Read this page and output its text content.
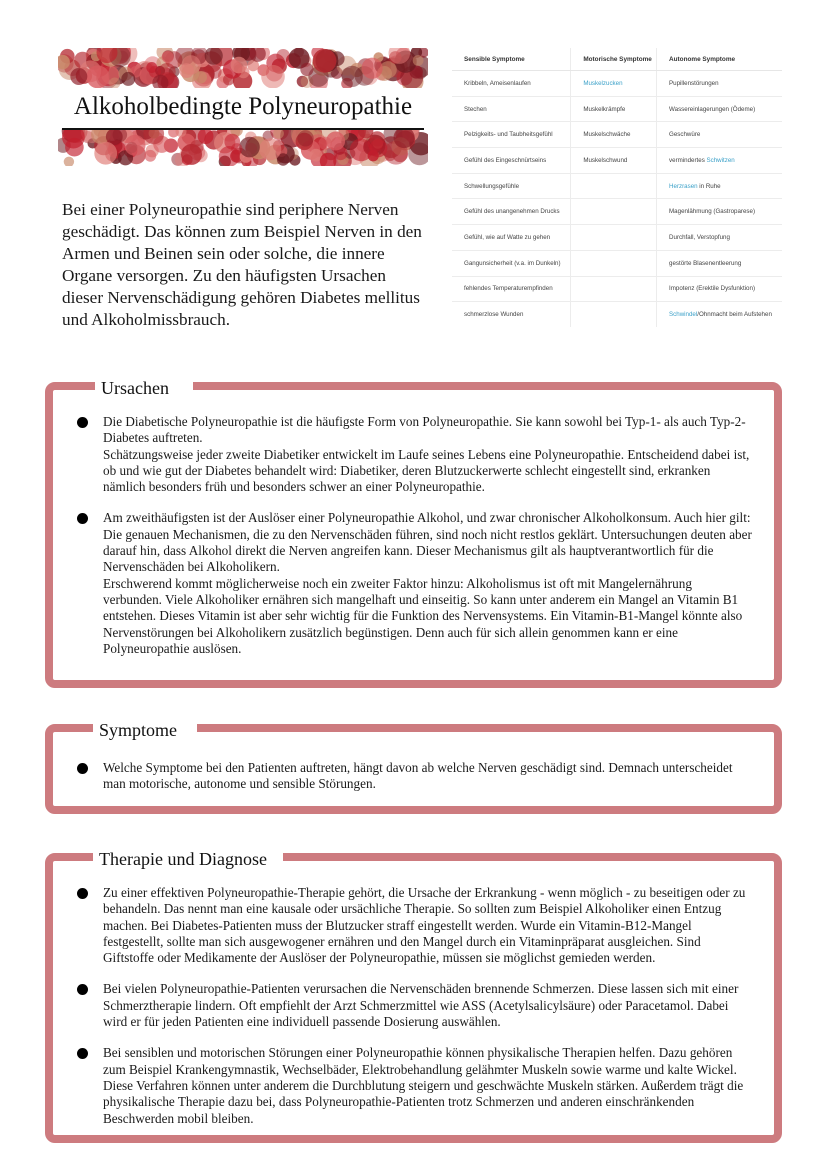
Alkoholbedingte Polyneuropathie
Bei einer Polyneuropathie sind periphere Nerven geschädigt. Das können zum Beispiel Nerven in den Armen und Beinen sein oder solche, die innere Organe versorgen. Zu den häufigsten Ursachen dieser Nervenschädigung gehören Diabetes mellitus und Alkoholmissbrauch.
Sensible Symptome	Motorische Symptome	Autonome Symptome
Kribbeln, Ameisenlaufen	Muskelzucken	Pupillenstörungen
Stechen	Muskelkrämpfe	Wassereinlagerungen (Ödeme)
Pelzigkeits- und Taubheitsgefühl	Muskelschwäche	Geschwüre
Gefühl des Eingeschnürtseins	Muskelschwund	vermindertes Schwitzen
Schwellungsgefühle		Herzrasen in Ruhe
Gefühl des unangenehmen Drucks		Magenlähmung (Gastroparese)
Gefühl, wie auf Watte zu gehen		Durchfall, Verstopfung
Gangunsicherheit (v.a. im Dunkeln)		gestörte Blasenentleerung
fehlendes Temperaturempfinden		Impotenz (Erektile Dysfunktion)
schmerzlose Wunden		Schwindel/Ohnmacht beim Aufstehen
Ursachen

Die Diabetische Polyneuropathie ist die häufigste Form von Polyneuropathie. Sie kann sowohl bei Typ-1- als auch Typ-2-Diabetes auftreten.
Schätzungsweise jeder zweite Diabetiker entwickelt im Laufe seines Lebens eine Polyneuropathie. Entscheidend dabei ist, ob und wie gut der Diabetes behandelt wird: Diabetiker, deren Blutzuckerwerte schlecht eingestellt sind, erkranken nämlich besonders früh und besonders schwer an einer Polyneuropathie.

Am zweithäufigsten ist der Auslöser einer Polyneuropathie Alkohol, und zwar chronischer Alkoholkonsum. Auch hier gilt: Die genauen Mechanismen, die zu den Nervenschäden führen, sind noch nicht restlos geklärt. Untersuchungen deuten aber darauf hin, dass Alkohol direkt die Nerven angreifen kann. Dieser Mechanismus gilt als hauptverantwortlich für die Nervenschäden bei Alkoholikern.
Erschwerend kommt möglicherweise noch ein zweiter Faktor hinzu: Alkoholismus ist oft mit Mangelernährung verbunden. Viele Alkoholiker ernähren sich mangelhaft und einseitig. So kann unter anderem ein Mangel an Vitamin B1 entstehen. Dieses Vitamin ist aber sehr wichtig für die Funktion des Nervensystems. Ein Vitamin-B1-Mangel könnte also Nervenstörungen bei Alkoholikern zusätzlich begünstigen. Denn auch für sich allein genommen kann er eine Polyneuropathie auslösen.

Symptome

Welche Symptome bei den Patienten auftreten, hängt davon ab welche Nerven geschädigt sind. Demnach unterscheidet man motorische, autonome und sensible Störungen.

Therapie und Diagnose

Zu einer effektiven Polyneuropathie-Therapie gehört, die Ursache der Erkrankung - wenn möglich - zu beseitigen oder zu behandeln. Das nennt man eine kausale oder ursächliche Therapie. So sollten zum Beispiel Alkoholiker einen Entzug machen. Bei Diabetes-Patienten muss der Blutzucker straff eingestellt werden. Wurde ein Vitamin-B12-Mangel festgestellt, sollte man sich ausgewogener ernähren und den Mangel durch ein Vitaminpräparat ausgleichen. Sind Giftstoffe oder Medikamente der Auslöser der Polyneuropathie, müssen sie möglichst gemieden werden.

Bei vielen Polyneuropathie-Patienten verursachen die Nervenschäden brennende Schmerzen. Diese lassen sich mit einer Schmerztherapie lindern. Oft empfiehlt der Arzt Schmerzmittel wie ASS (Acetylsalicylsäure) oder Paracetamol. Dabei wird er für jeden Patienten eine individuell passende Dosierung auswählen.

Bei sensiblen und motorischen Störungen einer Polyneuropathie können physikalische Therapien helfen. Dazu gehören zum Beispiel Krankengymnastik, Wechselbäder, Elektrobehandlung gelähmter Muskeln sowie warme und kalte Wickel. Diese Verfahren können unter anderem die Durchblutung steigern und geschwächte Muskeln stärken. Außerdem trägt die physikalische Therapie dazu bei, dass Polyneuropathie-Patienten trotz Schmerzen und anderen einschränkenden Beschwerden mobil bleiben.
